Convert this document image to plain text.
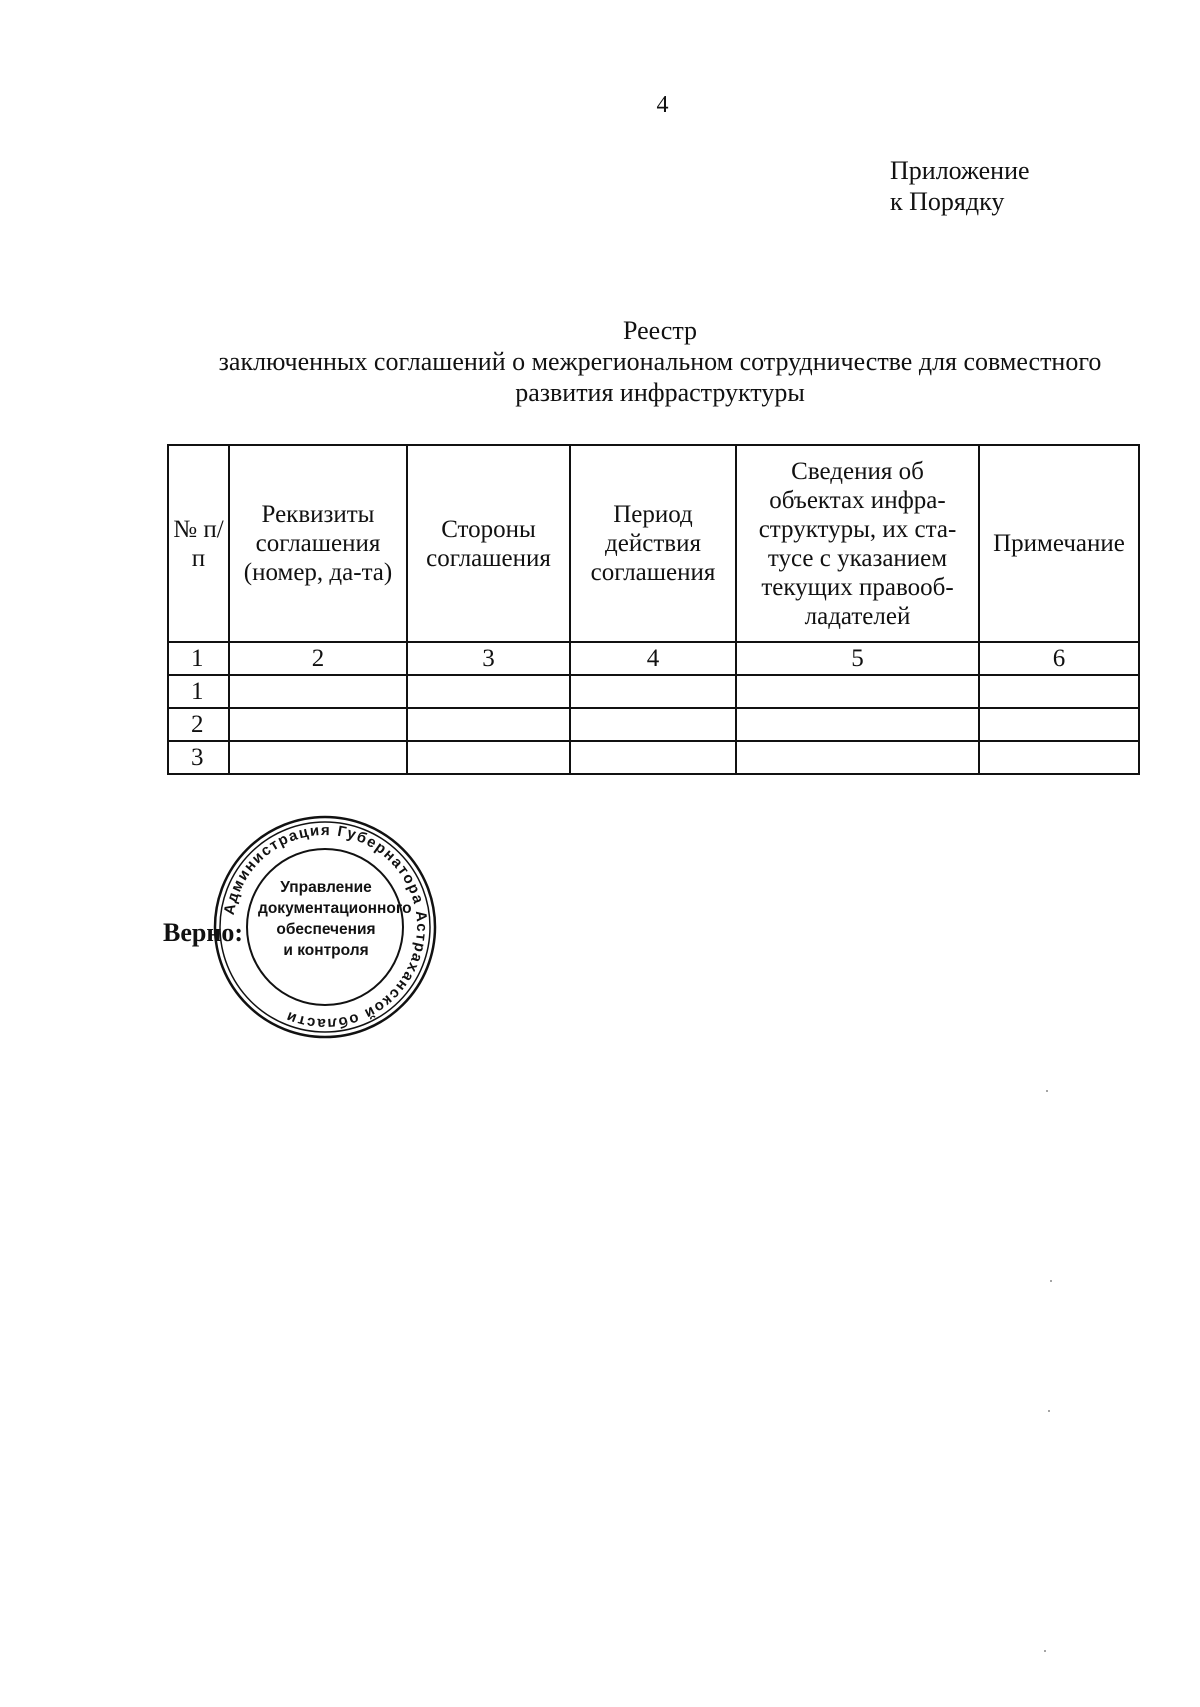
4
Приложение
к Порядку
Реестр
заключенных соглашений о межрегиональном сотрудничестве для совместного
развития инфраструктуры
№ п/п	Реквизиты соглашения (номер, да-та)	Стороны соглашения	Период действия соглашения	Сведения об объектах инфра-структуры, их ста-тусе с указанием текущих правооб-ладателей	Примечание
1	2	3	4	5	6
1					
2					
3					
Верно:
Администрация Губернатора Астраханской области
Управление
документационного
обеспечения
и контроля
